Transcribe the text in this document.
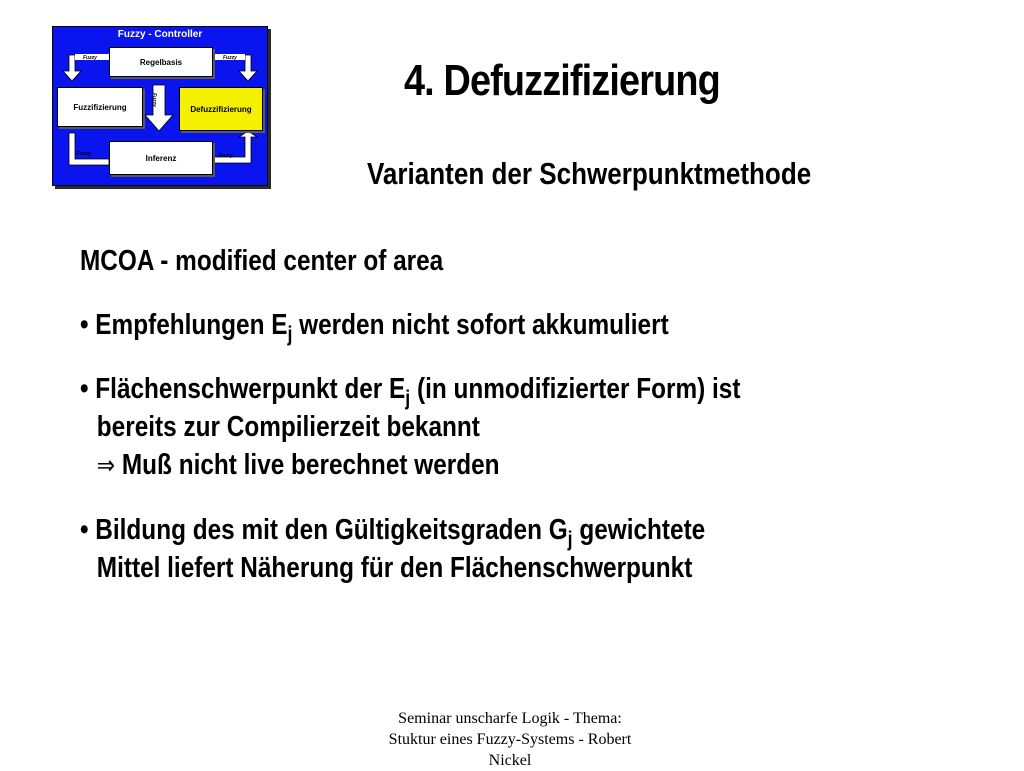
Fuzzy - Controller
Regelbasis
Fuzzifizierung	Defuzzifizierung
Inferenz
Fuzzy	Fuzzy
Fuzzy
Fuzzy	Fuzzy
4. Defuzzifizierung
Varianten der Schwerpunktmethode
MCOA - modified center of area
• Empfehlungen $E_j$ werden nicht sofort akkumuliert
• Flächenschwerpunkt der $E_j$ (in unmodifizierter Form) ist
bereits zur Compilierzeit bekannt
⇒ Muß nicht live berechnet werden
• Bildung des mit den Gültigkeitsgraden $G_j$ gewichtete
Mittel liefert Näherung für den Flächenschwerpunkt
Seminar unscharfe Logik - Thema:
Stuktur eines Fuzzy-Systems - Robert
Nickel
